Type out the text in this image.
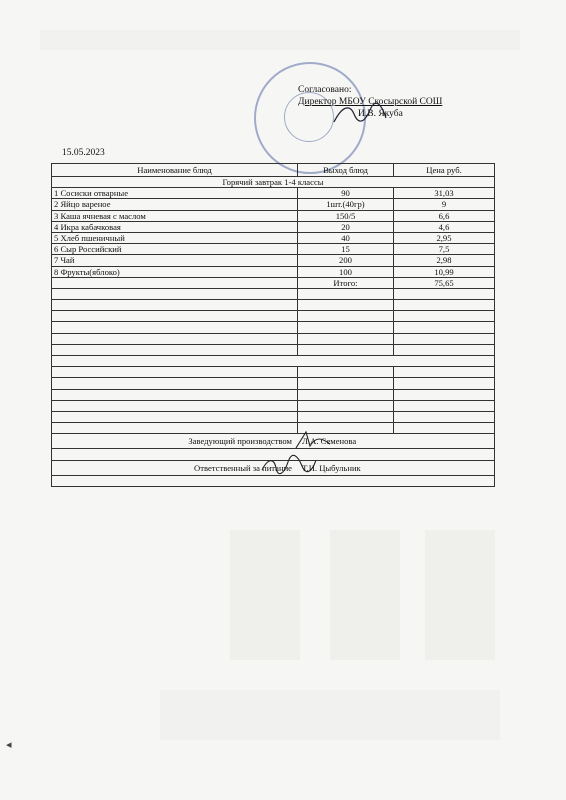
Согласовано:
Директор МБОУ Скосырской СОШ
И.В. Якуба
15.05.2023
Наименование блюд	Выход блюд	Цена руб.
Горячий завтрак 1-4 классы		
1 Сосиски отварные	90	31,03
2 Яйцо вареное	1шт.(40гр)	9
3 Каша ячневая с маслом	150/5	6,6
4 Икра кабачковая	20	4,6
5 Хлеб пшеничный	40	2,95
6 Сыр Российский	15	7,5
7 Чай	200	2,98
8 Фрукты(яблоко)	100	10,99
	Итого:	75,65

Заведующий производством Л.А. Семенова		

Ответственный за питание Т.И. Цыбульник		

◂
